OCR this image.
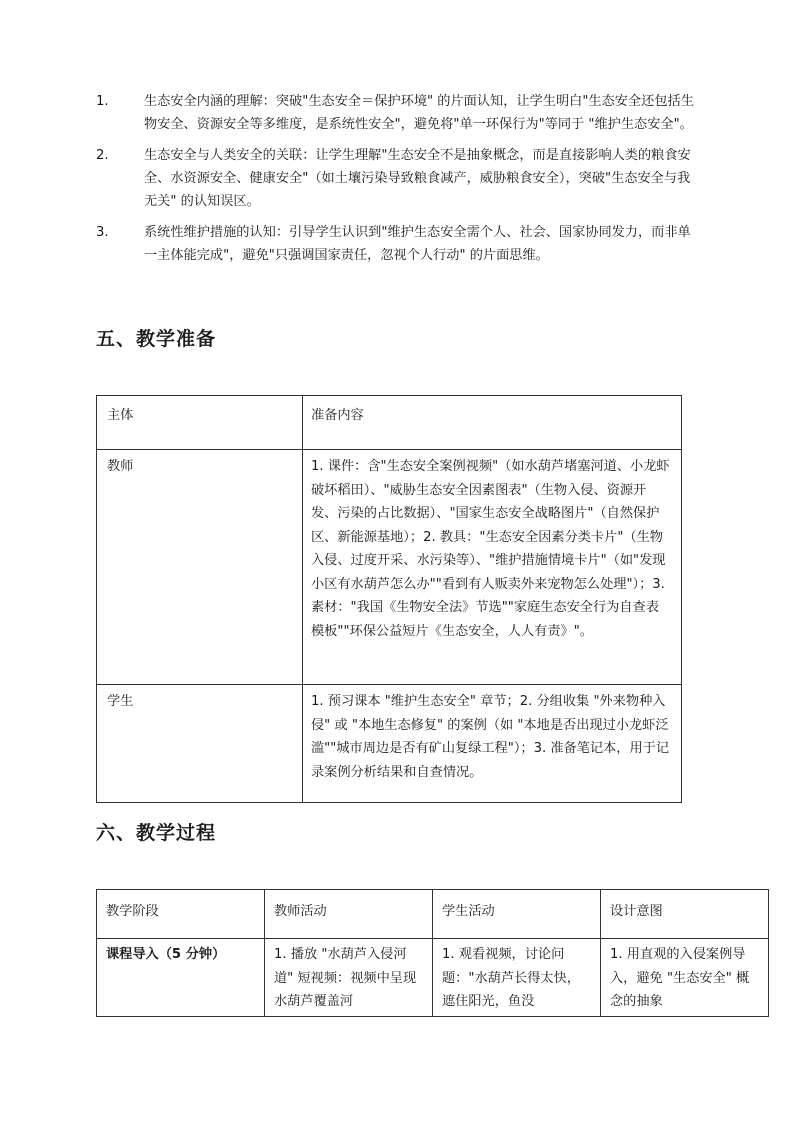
1.	生态安全内涵的理解：突破"生态安全＝保护环境" 的片面认知，让学生明白"生态安全还包括生物安全、资源安全等多维度，是系统性安全"，避免将"单一环保行为"等同于 "维护生态安全"。
2.	生态安全与人类安全的关联：让学生理解"生态安全不是抽象概念，而是直接影响人类的粮食安全、水资源安全、健康安全"（如土壤污染导致粮食减产，威胁粮食安全），突破"生态安全与我无关" 的认知误区。
3.	系统性维护措施的认知：引导学生认识到"维护生态安全需个人、社会、国家协同发力，而非单一主体能完成"，避免"只强调国家责任，忽视个人行动" 的片面思维。
五、教学准备
主体	准备内容
教师	1. 课件：含"生态安全案例视频"（如水葫芦堵塞河道、小龙虾破坏稻田）、"威胁生态安全因素图表"（生物入侵、资源开发、污染的占比数据）、"国家生态安全战略图片"（自然保护区、新能源基地）；2. 教具："生态安全因素分类卡片"（生物入侵、过度开采、水污染等）、"维护措施情境卡片"（如"发现小区有水葫芦怎么办""看到有人贩卖外来宠物怎么处理"）；3. 素材："我国《生物安全法》节选""家庭生态安全行为自查表模板""环保公益短片《生态安全，人人有责》"。
学生	1. 预习课本 "维护生态安全" 章节；2. 分组收集 "外来物种入侵" 或 "本地生态修复" 的案例（如 "本地是否出现过小龙虾泛滥""城市周边是否有矿山复绿工程"）；3. 准备笔记本，用于记录案例分析结果和自查情况。
六、教学过程
教学阶段	教师活动	学生活动	设计意图
课程导入（5 分钟）	1. 播放 "水葫芦入侵河道" 短视频：视频中呈现水葫芦覆盖河	1. 观看视频，讨论问题："水葫芦长得太快，遮住阳光，鱼没	1. 用直观的入侵案例导入，避免 "生态安全" 概念的抽象
